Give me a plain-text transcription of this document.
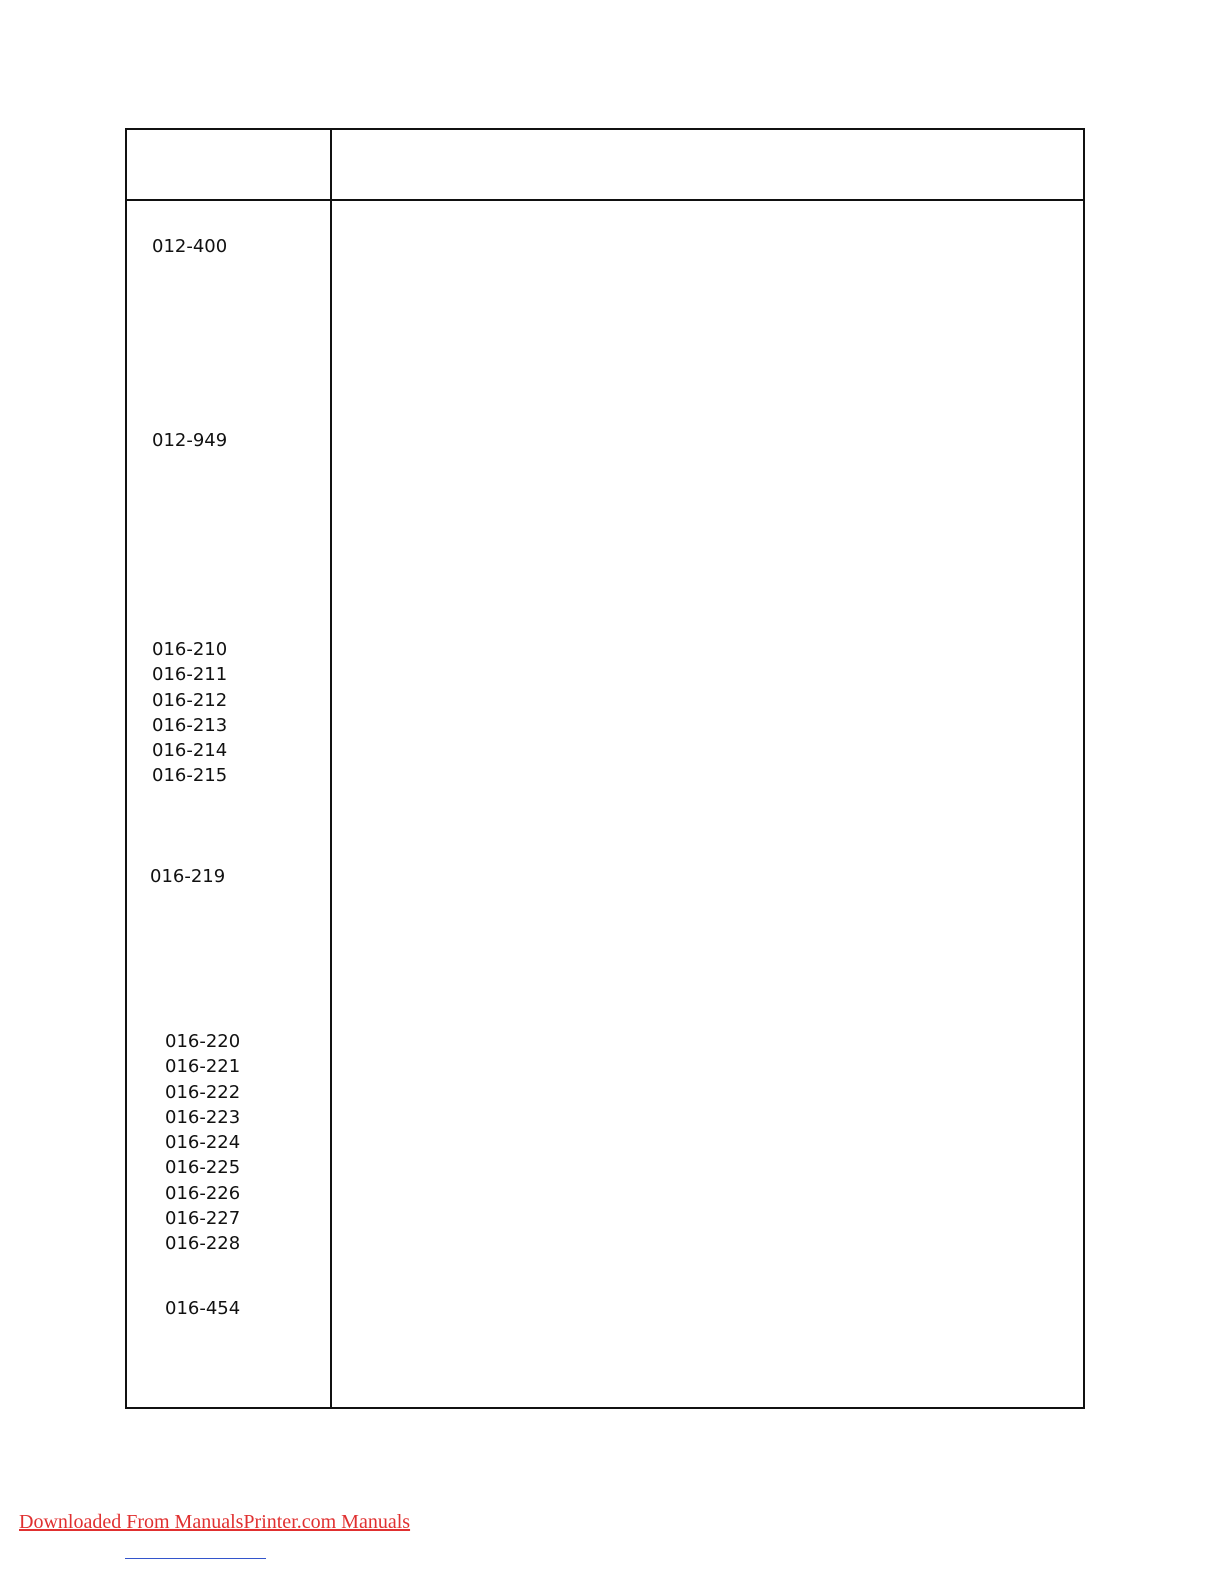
012-400
012-949
016-210
016-211
016-212
016-213
016-214
016-215
016-219
016-220
016-221
016-222
016-223
016-224
016-225
016-226
016-227
016-228
016-454
Downloaded From ManualsPrinter.com Manuals
